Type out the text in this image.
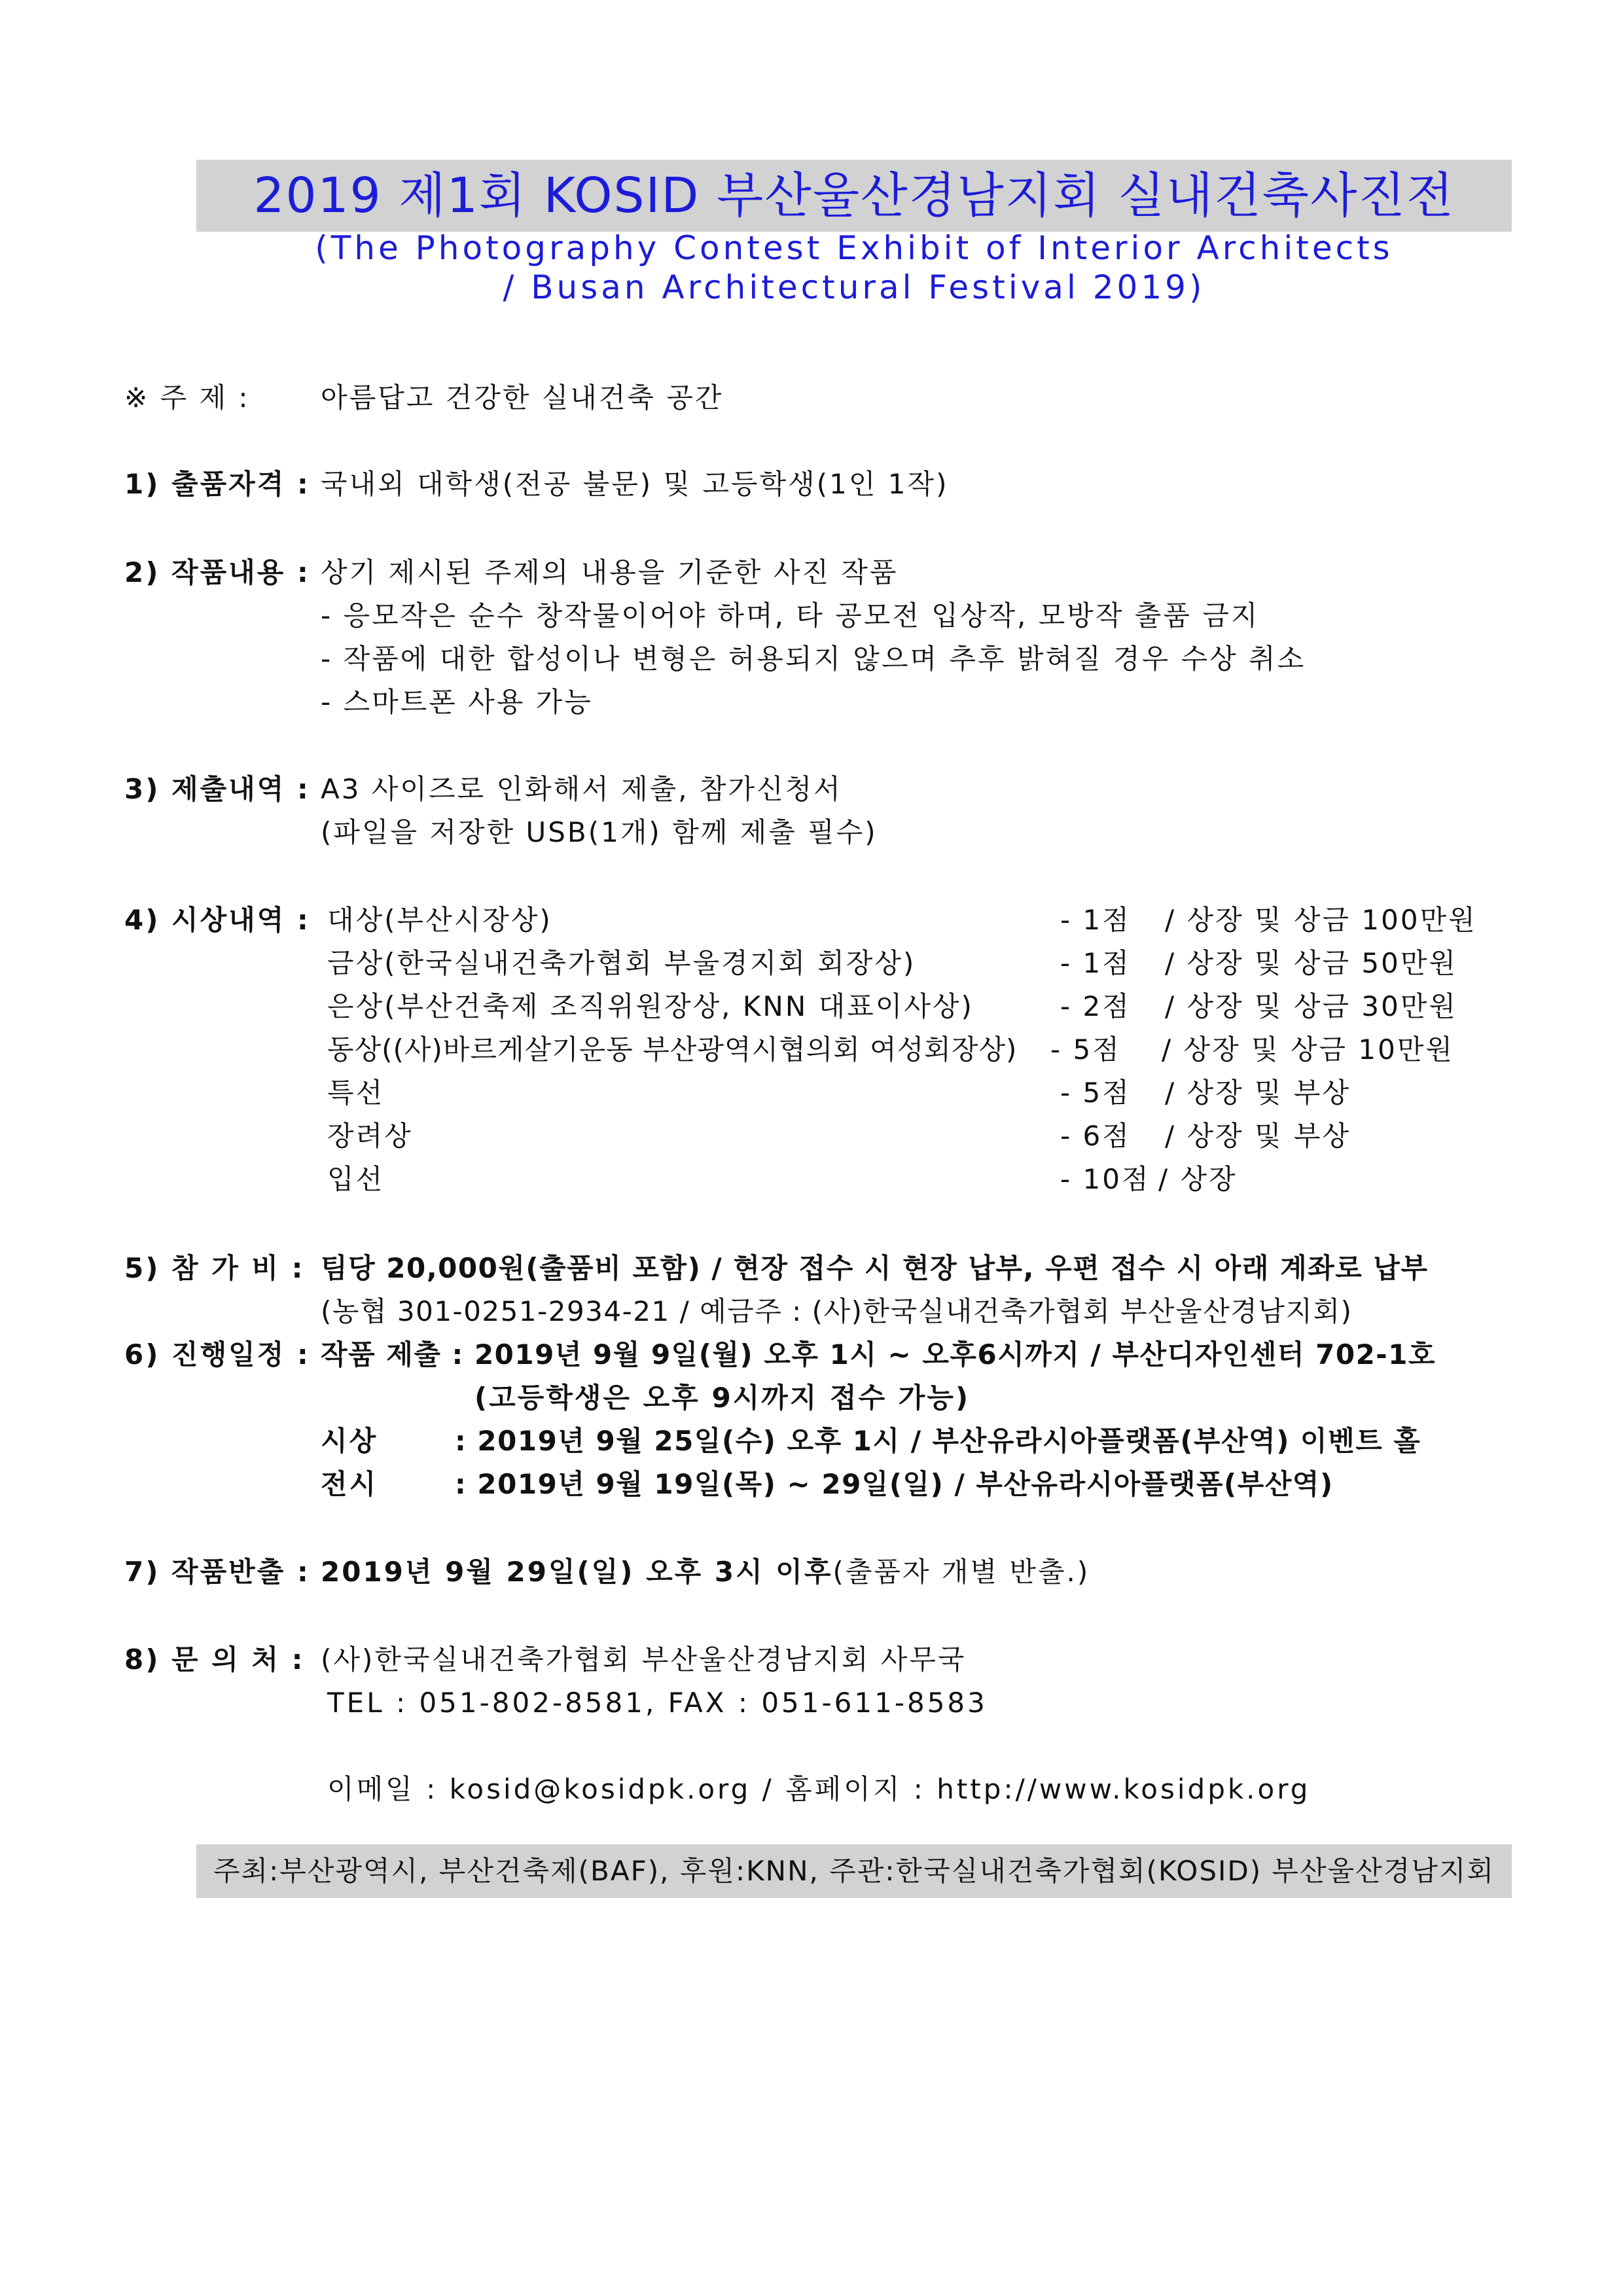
2019 제1회 KOSID 부산울산경남지회 실내건축사진전
(The Photography Contest Exhibit of Interior Architects
/ Busan Architectural Festival 2019)
※ 주 제 :	아름답고 건강한 실내건축 공간
1) 출품자격 : 국내외 대학생(전공 불문) 및 고등학생(1인 1작)
2) 작품내용 : 상기 제시된 주제의 내용을 기준한 사진 작품
- 응모작은 순수 창작물이어야 하며, 타 공모전 입상작, 모방작 출품 금지
- 작품에 대한 합성이나 변형은 허용되지 않으며 추후 밝혀질 경우 수상 취소
- 스마트폰 사용 가능
3) 제출내역 : A3 사이즈로 인화해서 제출, 참가신청서
(파일을 저장한 USB(1개) 함께 제출 필수)
4) 시상내역 : 대상(부산시장상)	- 1점 / 상장 및 상금 100만원
금상(한국실내건축가협회 부울경지회 회장상)	- 1점 / 상장 및 상금 50만원
은상(부산건축제 조직위원장상, KNN 대표이사상)	- 2점 / 상장 및 상금 30만원
동상((사)바르게살기운동 부산광역시협의회 여성회장상) - 5점 / 상장 및 상금 10만원
특선	- 5점 / 상장 및 부상
장려상	- 6점 / 상장 및 부상
입선	- 10점 / 상장
5) 참 가 비 : 팀당 20,000원(출품비 포함) / 현장 접수 시 현장 납부, 우편 접수 시 아래 계좌로 납부
(농협 301-0251-2934-21 / 예금주 : (사)한국실내건축가협회 부산울산경남지회)
6) 진행일정 : 작품 제출 : 2019년 9월 9일(월) 오후 1시 ~ 오후6시까지 / 부산디자인센터 702-1호
(고등학생은 오후 9시까지 접수 가능)
시상	: 2019년 9월 25일(수) 오후 1시 / 부산유라시아플랫폼(부산역) 이벤트 홀
전시	: 2019년 9월 19일(목) ~ 29일(일) / 부산유라시아플랫폼(부산역)
7) 작품반출 : 2019년 9월 29일(일) 오후 3시 이후(출품자 개별 반출.)
8) 문 의 처 : (사)한국실내건축가협회 부산울산경남지회 사무국
TEL : 051-802-8581, FAX : 051-611-8583
이메일 : kosid@kosidpk.org / 홈페이지 : http://www.kosidpk.org
주최:부산광역시, 부산건축제(BAF), 후원:KNN, 주관:한국실내건축가협회(KOSID) 부산울산경남지회
